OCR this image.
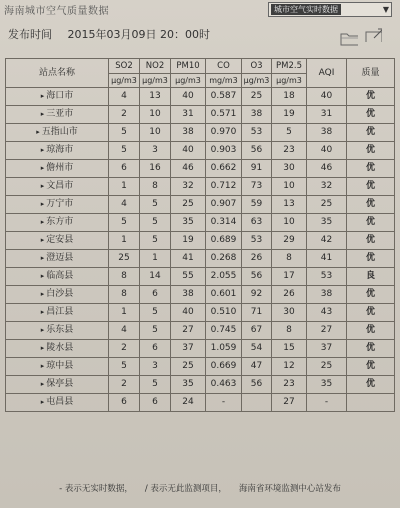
海南城市空气质量数据	城市空气实时数据	▼
发布时间 2015年03月09日 20：00时
站点名称	SO2	NO2	PM10	CO	O3	PM2.5	AQI	质量
	μg/m3	μg/m3	μg/m3	mg/m3	μg/m3	μg/m3		
▸ 海口市	4	13	40	0.587	25	18	40	优
▸ 三亚市	2	10	31	0.571	38	19	31	优
▸ 五指山市	5	10	38	0.970	53	5	38	优
▸ 琼海市	5	3	40	0.903	56	23	40	优
▸ 儋州市	6	16	46	0.662	91	30	46	优
▸ 文昌市	1	8	32	0.712	73	10	32	优
▸ 万宁市	4	5	25	0.907	59	13	25	优
▸ 东方市	5	5	35	0.314	63	10	35	优
▸ 定安县	1	5	19	0.689	53	29	42	优
▸ 澄迈县	25	1	41	0.268	26	8	41	优
▸ 临高县	8	14	55	2.055	56	17	53	良
▸ 白沙县	8	6	38	0.601	92	26	38	优
▸ 昌江县	1	5	40	0.510	71	30	43	优
▸ 乐东县	4	5	27	0.745	67	8	27	优
▸ 陵水县	2	6	37	1.059	54	15	37	优
▸ 琼中县	5	3	25	0.669	47	12	25	优
▸ 保亭县	2	5	35	0.463	56	23	35	优
▸ 屯昌县	6	6	24	-		27	-	
- 表示无实时数据， / 表示无此监测项目， 海南省环境监测中心站发布
